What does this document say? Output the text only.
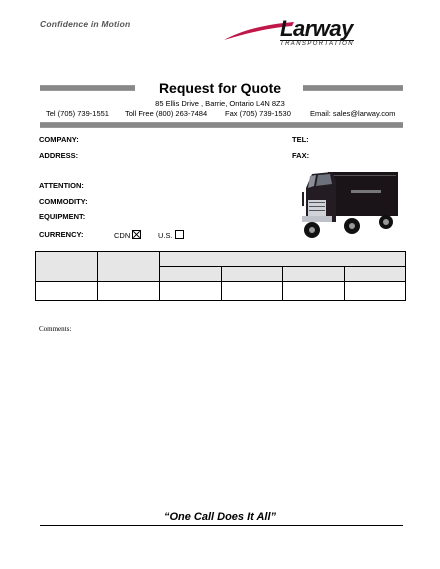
Confidence in Motion	Larway
TRANSPORTATION
Request for Quote
85 Ellis Drive , Barrie, Ontario L4N 8Z3
Tel (705) 739-1551 Toll Free (800) 263-7484 Fax (705) 739-1530	Email: sales@larway.com
COMPANY:	TEL:
ADDRESS:	FAX:
ATTENTION:
COMMODITY:
EQUIPMENT:
CURRENCY:	CDN	U.S.
Comments:
“One Call Does It All”
